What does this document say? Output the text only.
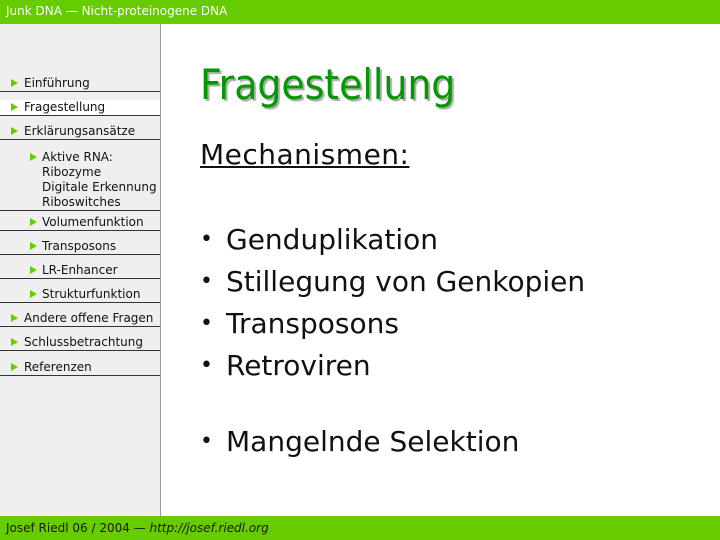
Junk DNA — Nicht-proteinogene DNA
Einführung
Fragestellung
Erklärungsansätze
Aktive RNA:
Ribozyme
Digitale Erkennung
Riboswitches
Volumenfunktion
Transposons
LR-Enhancer
Strukturfunktion
Andere offene Fragen
Schlussbetrachtung
Referenzen
Fragestellung
Mechanismen:
• Genduplikation
• Stillegung von Genkopien
• Transposons
• Retroviren
• Mangelnde Selektion
Josef Riedl 06 / 2004 — http://josef.riedl.org
